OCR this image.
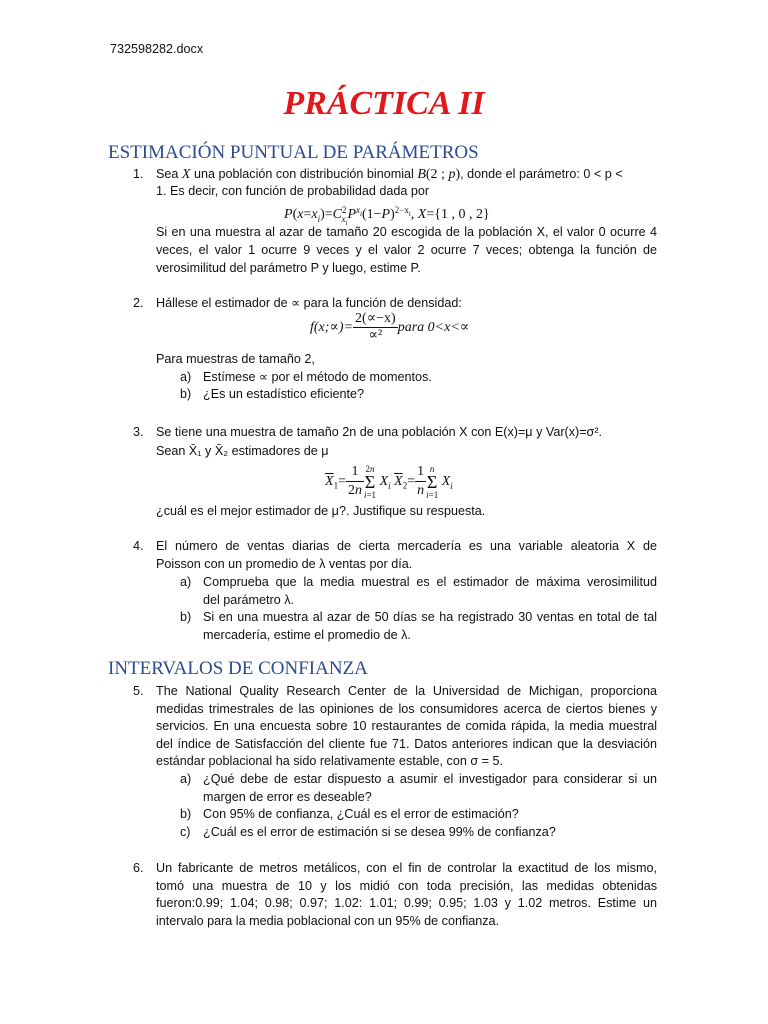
732598282.docx
PRÁCTICA II
ESTIMACIÓN PUNTUAL DE PARÁMETROS
1. Sea X una población con distribución binomial B(2 ; p), donde el parámetro: 0 < p <
1. Es decir, con función de probabilidad dada por
$P(x=x_i)=C^2_{x_i}P^{x_i}(1-P)^{2-x_i}$, X={1 , 0 , 2}
Si en una muestra al azar de tamaño 20 escogida de la población X, el valor 0 ocurre 4
veces, el valor 1 ocurre 9 veces y el valor 2 ocurre 7 veces; obtenga la función de
verosimilitud del parámetro P y luego, estime P.
2. Hállese el estimador de ∝ para la función de densidad:
f(x;∝)= $\frac{2(\propto-x)}{\text{∝²}}$ para 0<x<∝
Para muestras de tamaño 2,
a) Estímese ∝ por el método de momentos.
b) ¿Es un estadístico eficiente?
3. Se tiene una muestra de tamaño 2n de una población X con E(x)=μ y Var(x)=σ².
Sean X̄₁ y X̄₂ estimadores de μ
$\overline{X}_1= \frac{1}{2n} 2n$
Σ
i=1
$X_i$ $\overline{X}_2= \frac{1}{n}$ n
Σ
i=1
$X_i$
¿cuál es el mejor estimador de μ?. Justifique su respuesta.
4. El número de ventas diarias de cierta mercadería es una variable aleatoria X de
Poisson con un promedio de λ ventas por día.
a) Comprueba que la media muestral es el estimador de máxima verosimilitud
del parámetro λ.
b) Si en una muestra al azar de 50 días se ha registrado 30 ventas en total de tal
mercadería, estime el promedio de λ.
INTERVALOS DE CONFIANZA
5. The National Quality Research Center de la Universidad de Michigan, proporciona
medidas trimestrales de las opiniones de los consumidores acerca de ciertos bienes y
servicios. En una encuesta sobre 10 restaurantes de comida rápida, la media muestral
del índice de Satisfacción del cliente fue 71. Datos anteriores indican que la desviación
estándar poblacional ha sido relativamente estable, con σ = 5.
a) ¿Qué debe de estar dispuesto a asumir el investigador para considerar si un
margen de error es deseable?
b) Con 95% de confianza, ¿Cuál es el error de estimación?
c) ¿Cuál es el error de estimación si se desea 99% de confianza?
6. Un fabricante de metros metálicos, con el fin de controlar la exactitud de los mismo,
tomó una muestra de 10 y los midió con toda precisión, las medidas obtenidas
fueron:0.99; 1.04; 0.98; 0.97; 1.02: 1.01; 0.99; 0.95; 1.03 y 1.02 metros. Estime un
intervalo para la media poblacional con un 95% de confianza.
